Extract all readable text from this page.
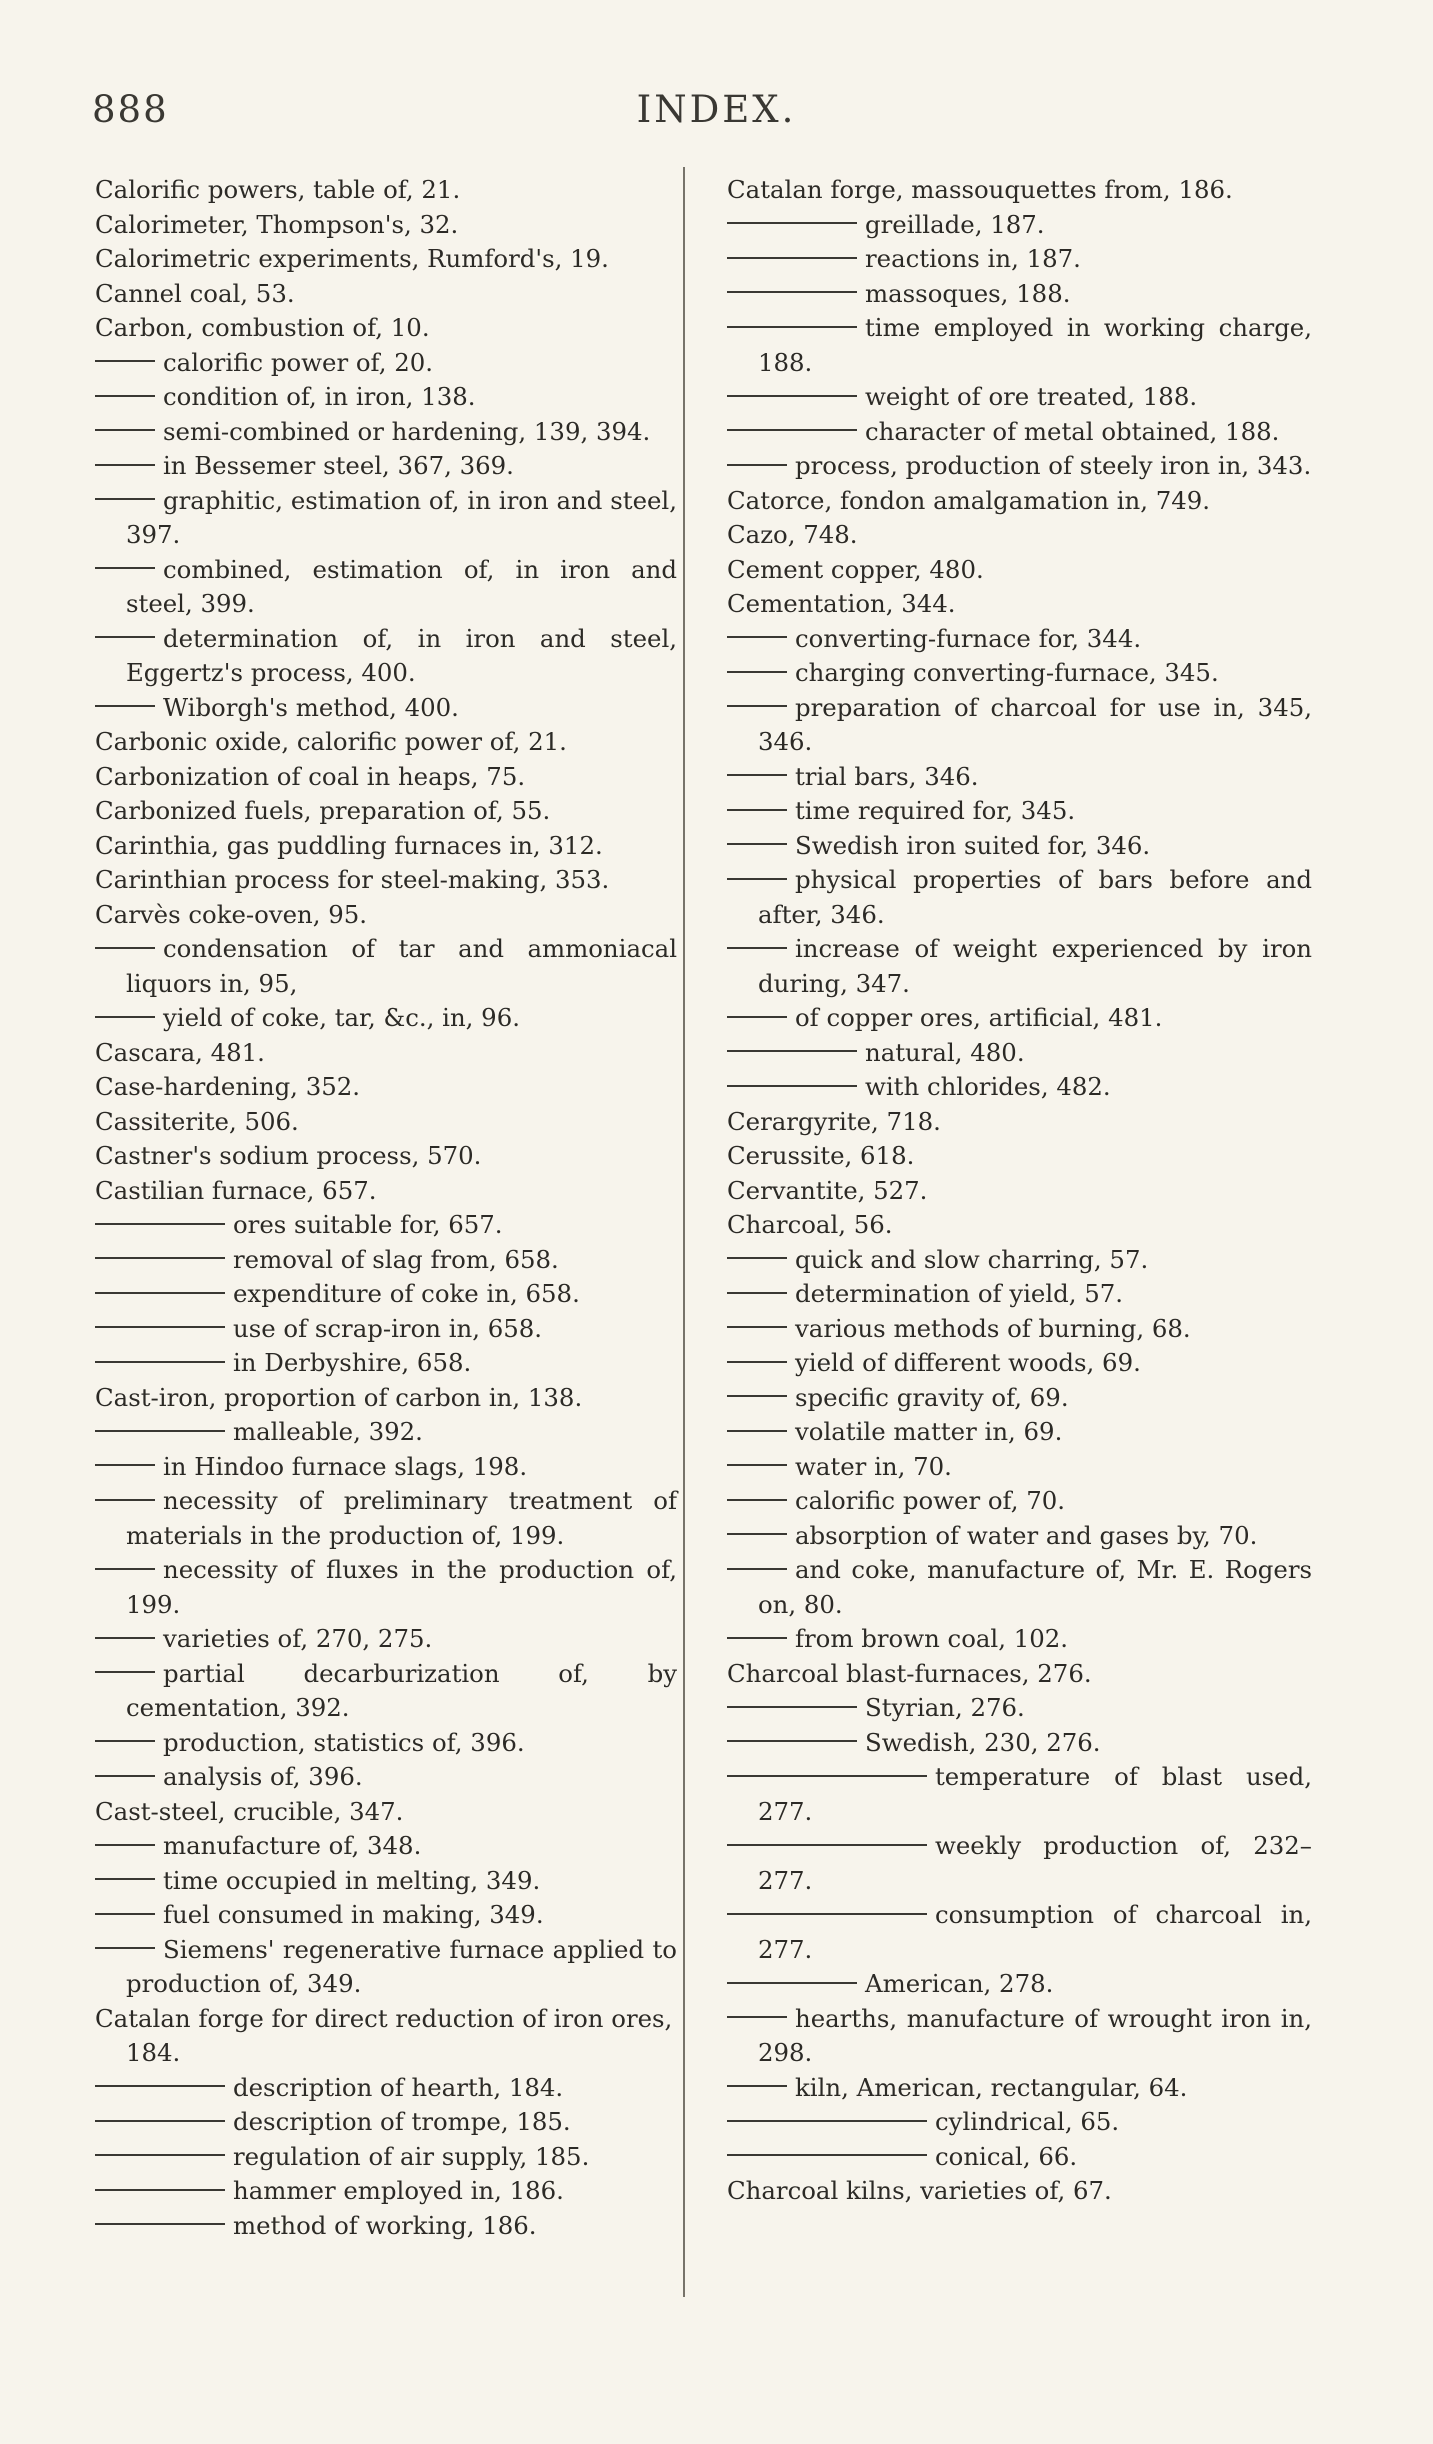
888	INDEX.
Calorific powers, table of, 21.
Calorimeter, Thompson's, 32.
Calorimetric experiments, Rumford's, 19.
Cannel coal, 53.
Carbon, combustion of, 10.
calorific power of, 20.
condition of, in iron, 138.
semi-combined or hardening, 139, 394.
in Bessemer steel, 367, 369.
graphitic, estimation of, in iron and steel, 397.
combined, estimation of, in iron and steel, 399.
determination of, in iron and steel, Eggertz's process, 400.
Wiborgh's method, 400.
Carbonic oxide, calorific power of, 21.
Carbonization of coal in heaps, 75.
Carbonized fuels, preparation of, 55.
Carinthia, gas puddling furnaces in, 312.
Carinthian process for steel-making, 353.
Carvès coke-oven, 95.
condensation of tar and ammoniacal liquors in, 95,
yield of coke, tar, &c., in, 96.
Cascara, 481.
Case-hardening, 352.
Cassiterite, 506.
Castner's sodium process, 570.
Castilian furnace, 657.
ores suitable for, 657.
removal of slag from, 658.
expenditure of coke in, 658.
use of scrap-iron in, 658.
in Derbyshire, 658.
Cast-iron, proportion of carbon in, 138.
malleable, 392.
in Hindoo furnace slags, 198.
necessity of preliminary treatment of materials in the production of, 199.
necessity of fluxes in the production of, 199.
varieties of, 270, 275.
partial decarburization of, by cementation, 392.
production, statistics of, 396.
analysis of, 396.
Cast-steel, crucible, 347.
manufacture of, 348.
time occupied in melting, 349.
fuel consumed in making, 349.
Siemens' regenerative furnace applied to production of, 349.
Catalan forge for direct reduction of iron ores, 184.
description of hearth, 184.
description of trompe, 185.
regulation of air supply, 185.
hammer employed in, 186.
method of working, 186.
Catalan forge, massouquettes from, 186.
greillade, 187.
reactions in, 187.
massoques, 188.
time employed in working charge, 188.
weight of ore treated, 188.
character of metal obtained, 188.
process, production of steely iron in, 343.
Catorce, fondon amalgamation in, 749.
Cazo, 748.
Cement copper, 480.
Cementation, 344.
converting-furnace for, 344.
charging converting-furnace, 345.
preparation of charcoal for use in, 345, 346.
trial bars, 346.
time required for, 345.
Swedish iron suited for, 346.
physical properties of bars before and after, 346.
increase of weight experienced by iron during, 347.
of copper ores, artificial, 481.
natural, 480.
with chlorides, 482.
Cerargyrite, 718.
Cerussite, 618.
Cervantite, 527.
Charcoal, 56.
quick and slow charring, 57.
determination of yield, 57.
various methods of burning, 68.
yield of different woods, 69.
specific gravity of, 69.
volatile matter in, 69.
water in, 70.
calorific power of, 70.
absorption of water and gases by, 70.
and coke, manufacture of, Mr. E. Rogers on, 80.
from brown coal, 102.
Charcoal blast-furnaces, 276.
Styrian, 276.
Swedish, 230, 276.
temperature of blast used, 277.
weekly production of, 232–277.
consumption of charcoal in, 277.
American, 278.
hearths, manufacture of wrought iron in, 298.
kiln, American, rectangular, 64.
cylindrical, 65.
conical, 66.
Charcoal kilns, varieties of, 67.
